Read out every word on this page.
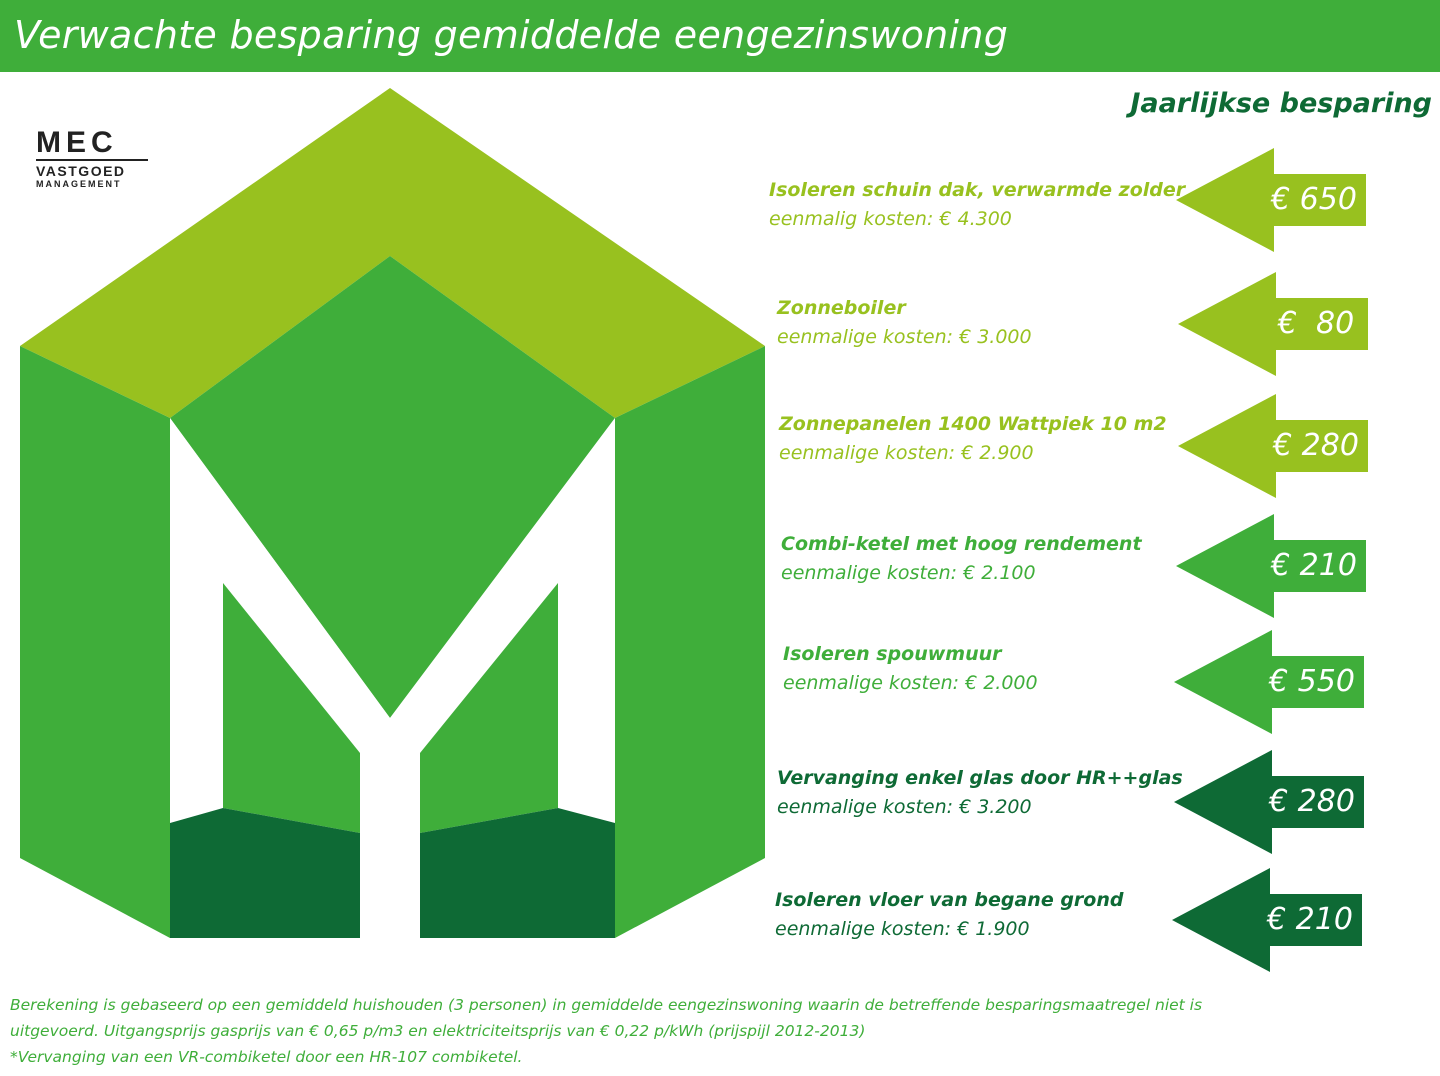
Verwachte besparing gemiddelde eengezinswoning
Jaarlijkse besparing
MEC
VASTGOED
MANAGEMENT	Isoleren schuin dak, verwarmde zolder
eenmalig kosten: € 4.300
Zonneboiler
eenmalige kosten: € 3.000
Zonnepanelen 1400 Wattpiek 10 m2
eenmalige kosten: € 2.900
Combi-ketel met hoog rendement
eenmalige kosten: € 2.100
Isoleren spouwmuur
eenmalige kosten: € 2.000
Vervanging enkel glas door HR++glas
eenmalige kosten: € 3.200
Isoleren vloer van begane grond
eenmalige kosten: € 1.900
€ 650
€  80
€ 280
€ 210
€ 550
€ 280
€ 210

Berekening is gebaseerd op een gemiddeld huishouden (3 personen) in gemiddelde eengezinswoning waarin de betreffende besparingsmaatregel niet is

uitgevoerd. Uitgangsprijs gasprijs van € 0,65 p/m3 en elektriciteitsprijs van € 0,22 p/kWh (prijspijl 2012-2013)

*Vervanging van een VR-combiketel door een HR-107 combiketel.
